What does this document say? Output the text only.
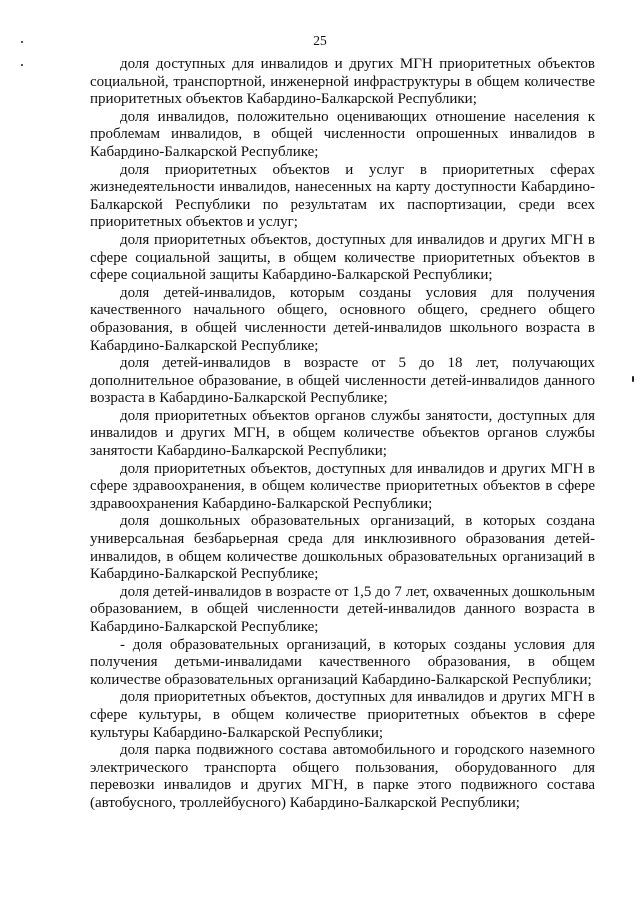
25

доля доступных для инвалидов и других МГН приоритетных объектов социальной, транспортной, инженерной инфраструктуры в общем количестве приоритетных объектов Кабардино-Балкарской Республики;

доля инвалидов, положительно оценивающих отношение населения к проблемам инвалидов, в общей численности опрошенных инвалидов в Кабардино-Балкарской Республике;

доля приоритетных объектов и услуг в приоритетных сферах жизнедеятельности инвалидов, нанесенных на карту доступности Кабардино-Балкарской Республики по результатам их паспортизации, среди всех приоритетных объектов и услуг;

доля приоритетных объектов, доступных для инвалидов и других МГН в сфере социальной защиты, в общем количестве приоритетных объектов в сфере социальной защиты Кабардино-Балкарской Республики;

доля детей-инвалидов, которым созданы условия для получения качественного начального общего, основного общего, среднего общего образования, в общей численности детей-инвалидов школьного возраста в Кабардино-Балкарской Республике;

доля детей-инвалидов в возрасте от 5 до 18 лет, получающих дополнительное образование, в общей численности детей-инвалидов данного возраста в Кабардино-Балкарской Республике;

доля приоритетных объектов органов службы занятости, доступных для инвалидов и других МГН, в общем количестве объектов органов службы занятости Кабардино-Балкарской Республики;

доля приоритетных объектов, доступных для инвалидов и других МГН в сфере здравоохранения, в общем количестве приоритетных объектов в сфере здравоохранения Кабардино-Балкарской Республики;

доля дошкольных образовательных организаций, в которых создана универсальная безбарьерная среда для инклюзивного образования детей-инвалидов, в общем количестве дошкольных образовательных организаций в Кабардино-Балкарской Республике;

доля детей-инвалидов в возрасте от 1,5 до 7 лет, охваченных дошкольным образованием, в общей численности детей-инвалидов данного возраста в Кабардино-Балкарской Республике;

- доля образовательных организаций, в которых созданы условия для получения детьми-инвалидами качественного образования, в общем количестве образовательных организаций Кабардино-Балкарской Республики;

доля приоритетных объектов, доступных для инвалидов и других МГН в сфере культуры, в общем количестве приоритетных объектов в сфере культуры Кабардино-Балкарской Республики;

доля парка подвижного состава автомобильного и городского наземного электрического транспорта общего пользования, оборудованного для перевозки инвалидов и других МГН, в парке этого подвижного состава (автобусного, троллейбусного) Кабардино-Балкарской Республики;
